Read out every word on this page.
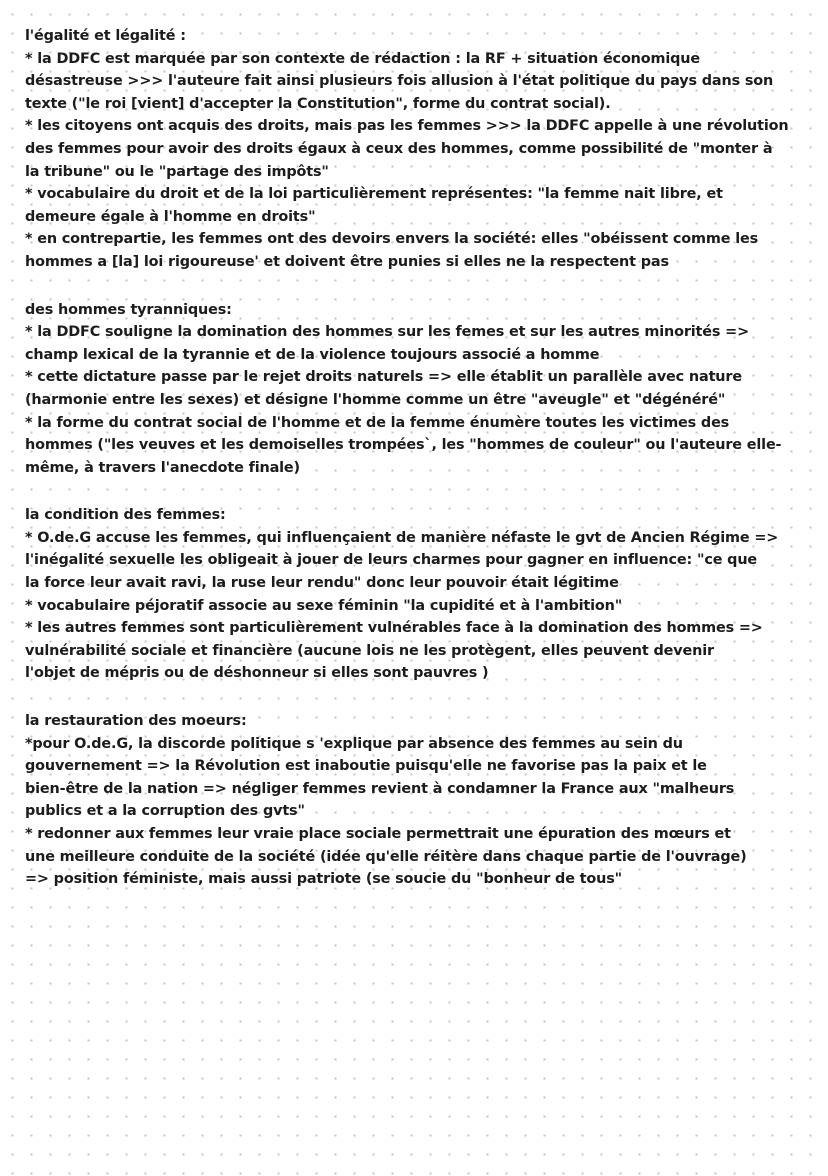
l'égalité et légalité :

* la DDFC est marquée par son contexte de rédaction : la RF + situation économique

désastreuse >>> l'auteure fait ainsi plusieurs fois allusion à l'état politique du pays dans son

texte ("le roi [vient] d'accepter la Constitution", forme du contrat social).

* les citoyens ont acquis des droits, mais pas les femmes >>> la DDFC appelle à une révolution

des femmes pour avoir des droits égaux à ceux des hommes, comme possibilité de "monter à

la tribune" ou le "partage des impôts"

* vocabulaire du droit et de la loi particulièrement représentes: "la femme nait libre, et

demeure égale à l'homme en droits"

* en contrepartie, les femmes ont des devoirs envers la société: elles "obéissent comme les

hommes a [la] loi rigoureuse' et doivent être punies si elles ne la respectent pas

des hommes tyranniques:

* la DDFC souligne la domination des hommes sur les femes et sur les autres minorités =>

champ lexical de la tyrannie et de la violence toujours associé a homme

* cette dictature passe par le rejet droits naturels => elle établit un parallèle avec nature

(harmonie entre les sexes) et désigne l'homme comme un être "aveugle" et "dégénéré"

* la forme du contrat social de l'homme et de la femme énumère toutes les victimes des

hommes ("les veuves et les demoiselles trompées`, les "hommes de couleur" ou l'auteure elle-

même, à travers l'anecdote finale)

la condition des femmes:

* O.de.G accuse les femmes, qui influençaient de manière néfaste le gvt de Ancien Régime =>

l'inégalité sexuelle les obligeait à jouer de leurs charmes pour gagner en influence: "ce que

la force leur avait ravi, la ruse leur rendu" donc leur pouvoir était légitime

* vocabulaire péjoratif associe au sexe féminin "la cupidité et à l'ambition"

* les autres femmes sont particulièrement vulnérables face à la domination des hommes =>

vulnérabilité sociale et financière (aucune lois ne les protègent, elles peuvent devenir

l'objet de mépris ou de déshonneur si elles sont pauvres )

la restauration des moeurs:

*pour O.de.G, la discorde politique s 'explique par absence des femmes au sein du

gouvernement => la Révolution est inaboutie puisqu'elle ne favorise pas la paix et le

bien-être de la nation => négliger femmes revient à condamner la France aux "malheurs

publics et a la corruption des gvts"

* redonner aux femmes leur vraie place sociale permettrait une épuration des mœurs et

une meilleure conduite de la société (idée qu'elle réitère dans chaque partie de l'ouvrage)

=> position féministe, mais aussi patriote (se soucie du "bonheur de tous"
